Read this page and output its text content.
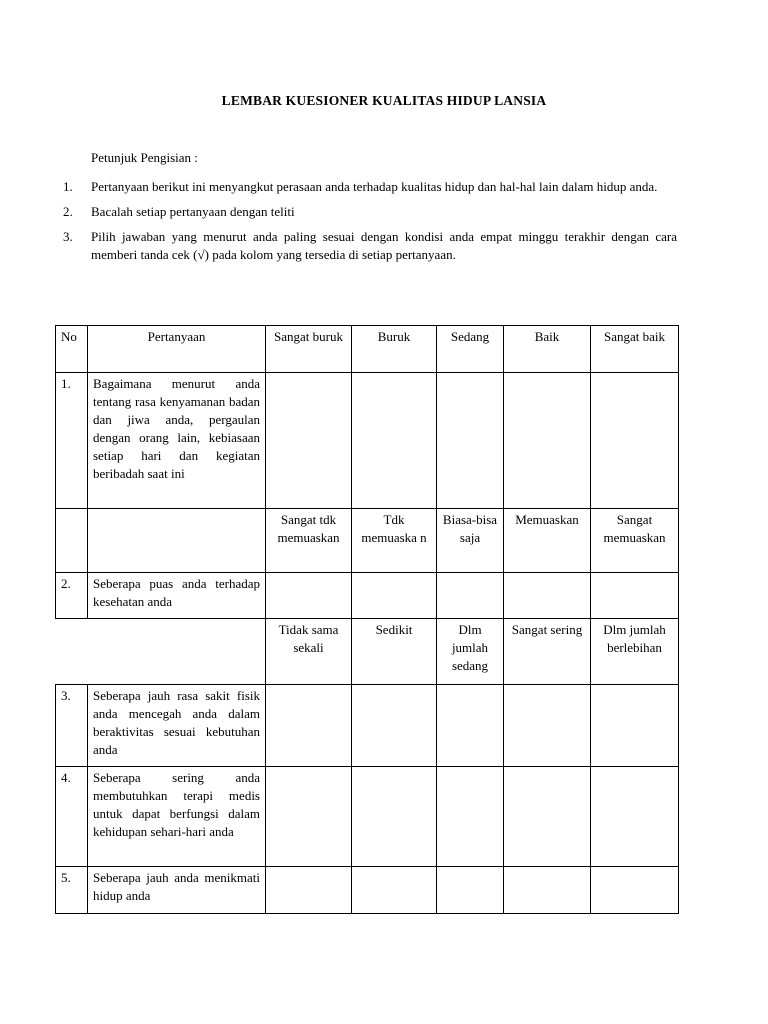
LEMBAR KUESIONER KUALITAS HIDUP LANSIA
Petunjuk Pengisian :
1.	Pertanyaan berikut ini menyangkut perasaan anda terhadap kualitas hidup dan hal-hal lain dalam hidup anda.
2.	Bacalah setiap pertanyaan dengan teliti
3.	Pilih jawaban yang menurut anda paling sesuai dengan kondisi anda empat minggu terakhir dengan cara memberi tanda cek (√) pada kolom yang tersedia di setiap pertanyaan.
No	Pertanyaan	Sangat buruk	Buruk	Sedang	Baik	Sangat baik
1.	Bagaimana menurut anda tentang rasa kenyamanan badan dan jiwa anda, pergaulan dengan orang lain, kebiasaan setiap hari dan kegiatan beribadah saat ini					
		Sangat tdk memuaskan	Tdk memuaska n	Biasa-bisa saja	Memuaskan	Sangat memuaskan
2.	Seberapa puas anda terhadap kesehatan anda					
		Tidak sama sekali	Sedikit	Dlm jumlah sedang	Sangat sering	Dlm jumlah berlebihan
3.	Seberapa jauh rasa sakit fisik anda mencegah anda dalam beraktivitas sesuai kebutuhan anda					
4.	Seberapa sering anda membutuhkan terapi medis untuk dapat berfungsi dalam kehidupan sehari-hari anda					
5.	Seberapa jauh anda menikmati hidup anda					
